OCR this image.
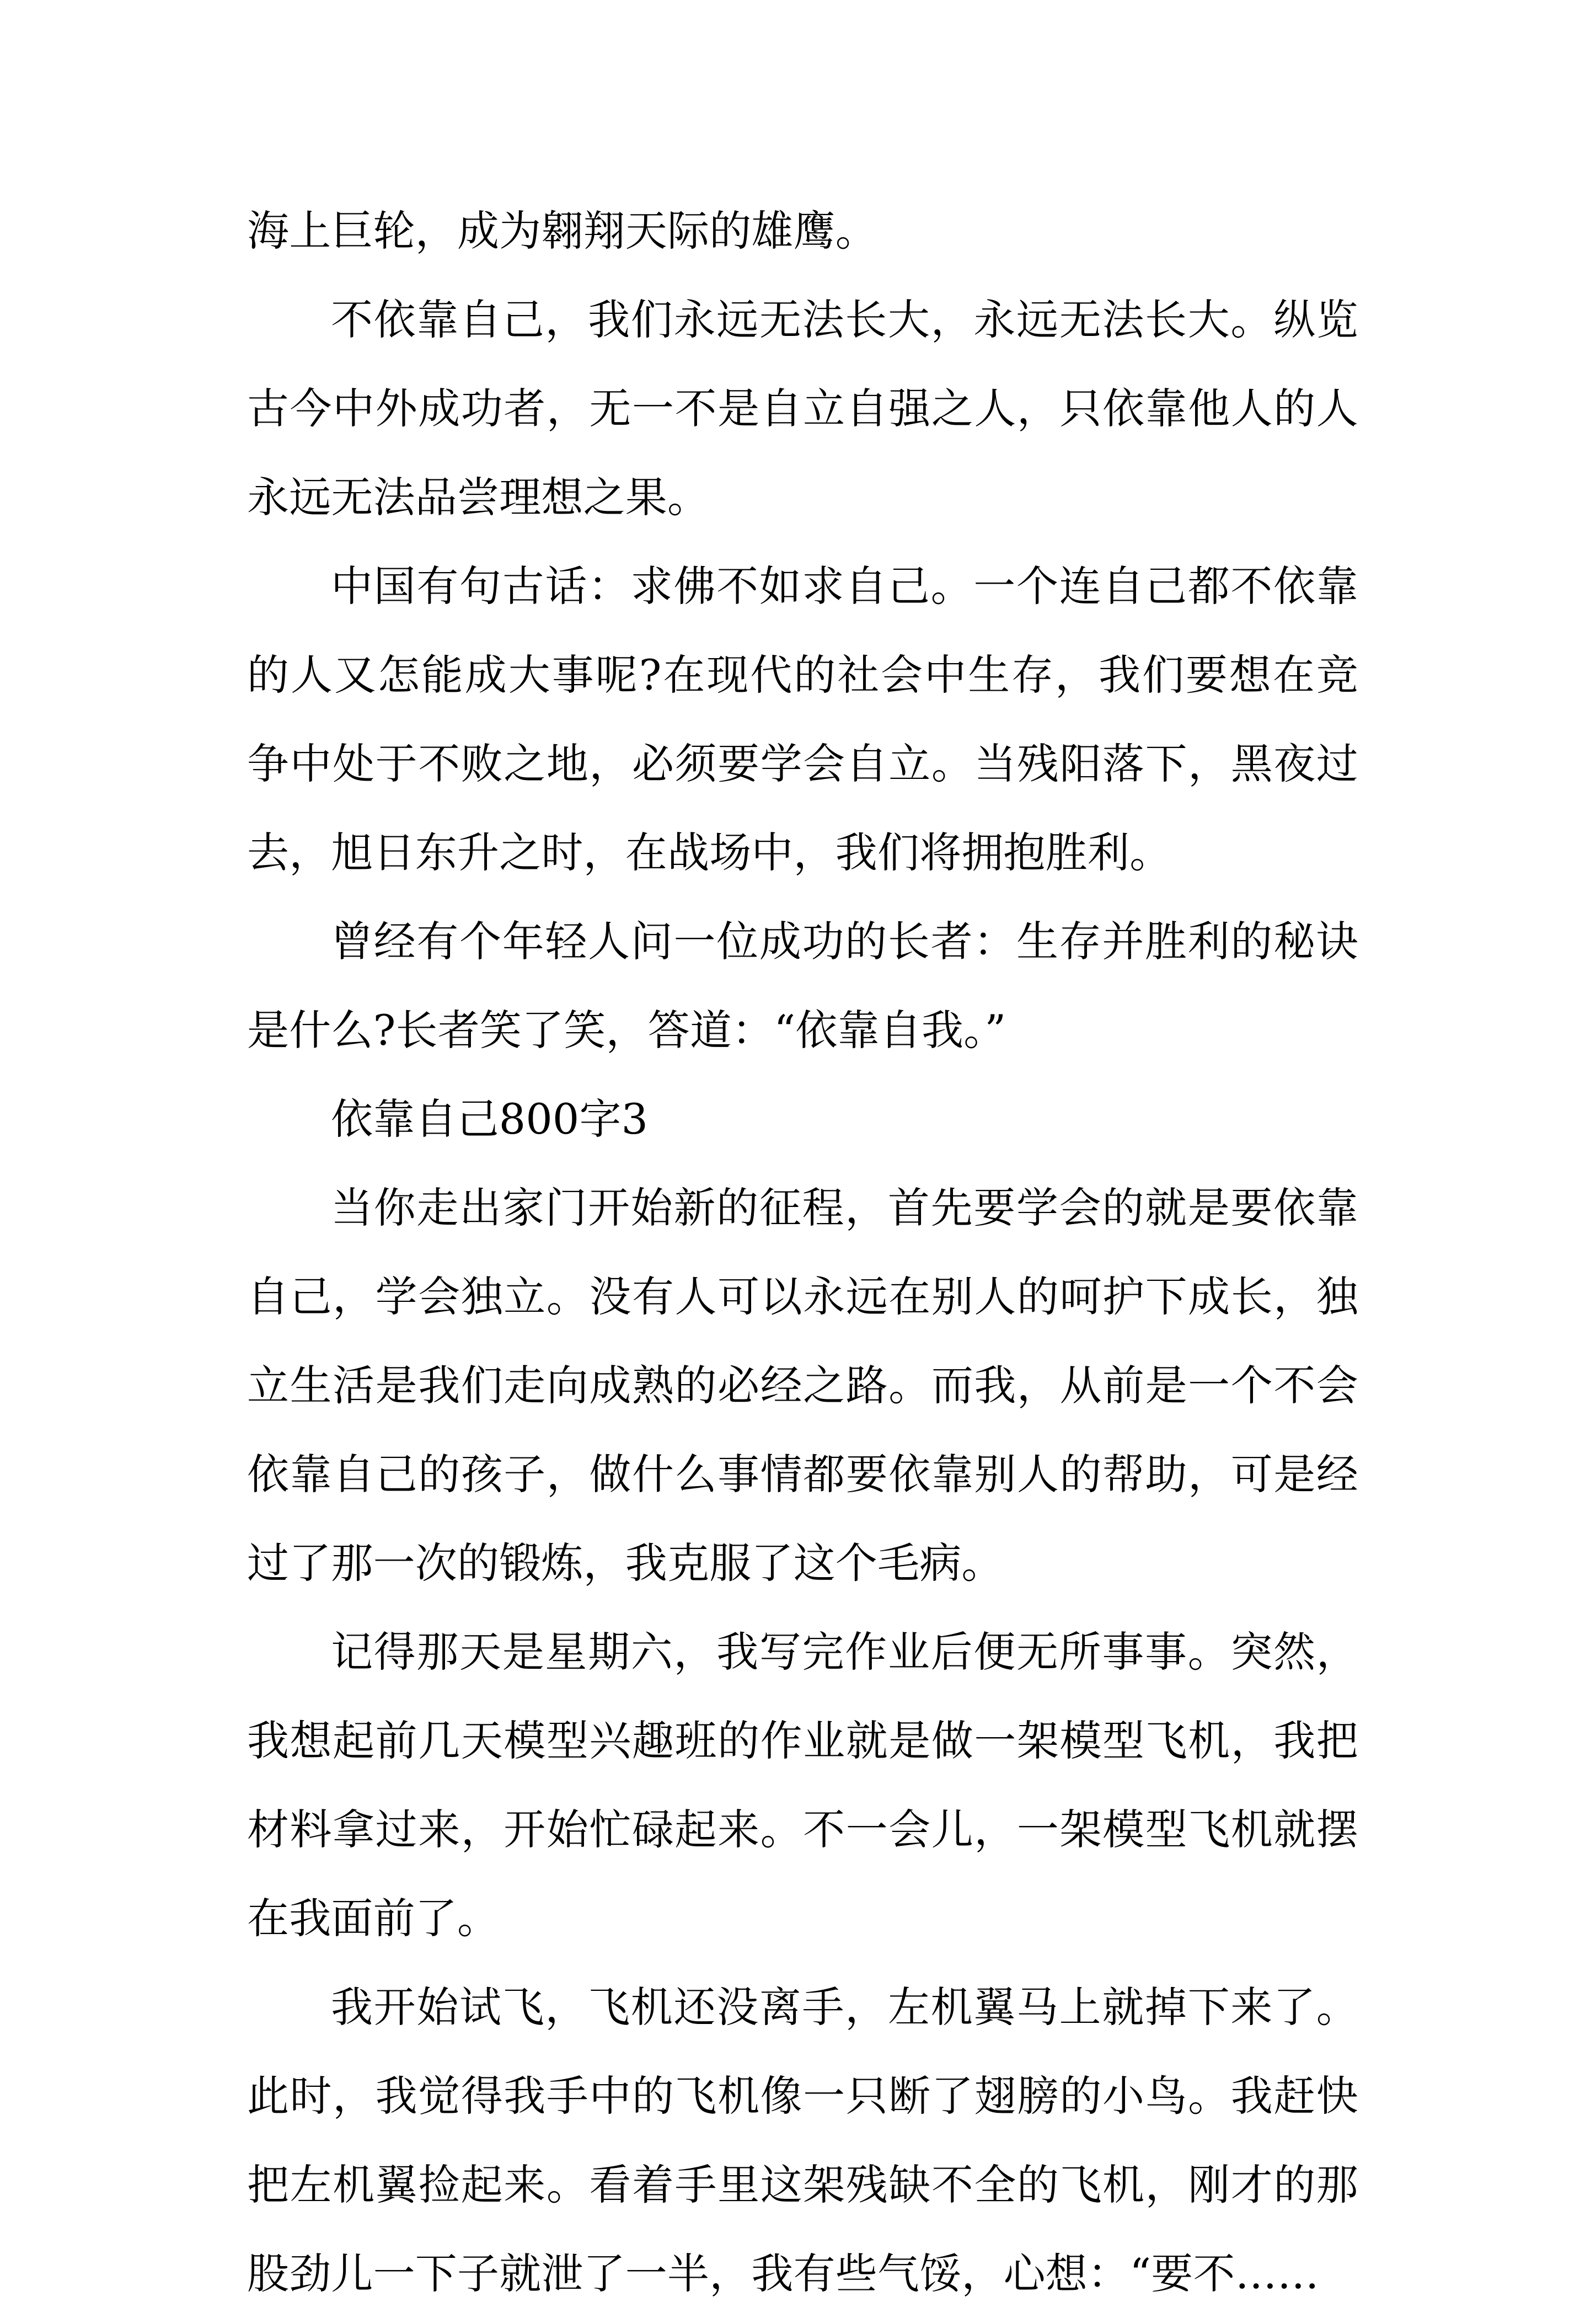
海上巨轮，成为翱翔天际的雄鹰。

不依靠自己，我们永远无法长大，永远无法长大。纵览古今中外成功者，无一不是自立自强之人，只依靠他人的人永远无法品尝理想之果。

中国有句古话：求佛不如求自己。一个连自己都不依靠的人又怎能成大事呢?在现代的社会中生存，我们要想在竞争中处于不败之地，必须要学会自立。当残阳落下，黑夜过去，旭日东升之时，在战场中，我们将拥抱胜利。

曾经有个年轻人问一位成功的长者：生存并胜利的秘诀是什么?长者笑了笑，答道：“依靠自我。”

依靠自己800字3

当你走出家门开始新的征程，首先要学会的就是要依靠自己，学会独立。没有人可以永远在别人的呵护下成长，独立生活是我们走向成熟的必经之路。而我，从前是一个不会依靠自己的孩子，做什么事情都要依靠别人的帮助，可是经过了那一次的锻炼，我克服了这个毛病。

记得那天是星期六，我写完作业后便无所事事。突然，我想起前几天模型兴趣班的作业就是做一架模型飞机，我把材料拿过来，开始忙碌起来。不一会儿，一架模型飞机就摆在我面前了。

我开始试飞，飞机还没离手，左机翼马上就掉下来了。此时，我觉得我手中的飞机像一只断了翅膀的小鸟。我赶快把左机翼捡起来。看着手里这架残缺不全的飞机，刚才的那股劲儿一下子就泄了一半，我有些气馁，心想：“要不……
